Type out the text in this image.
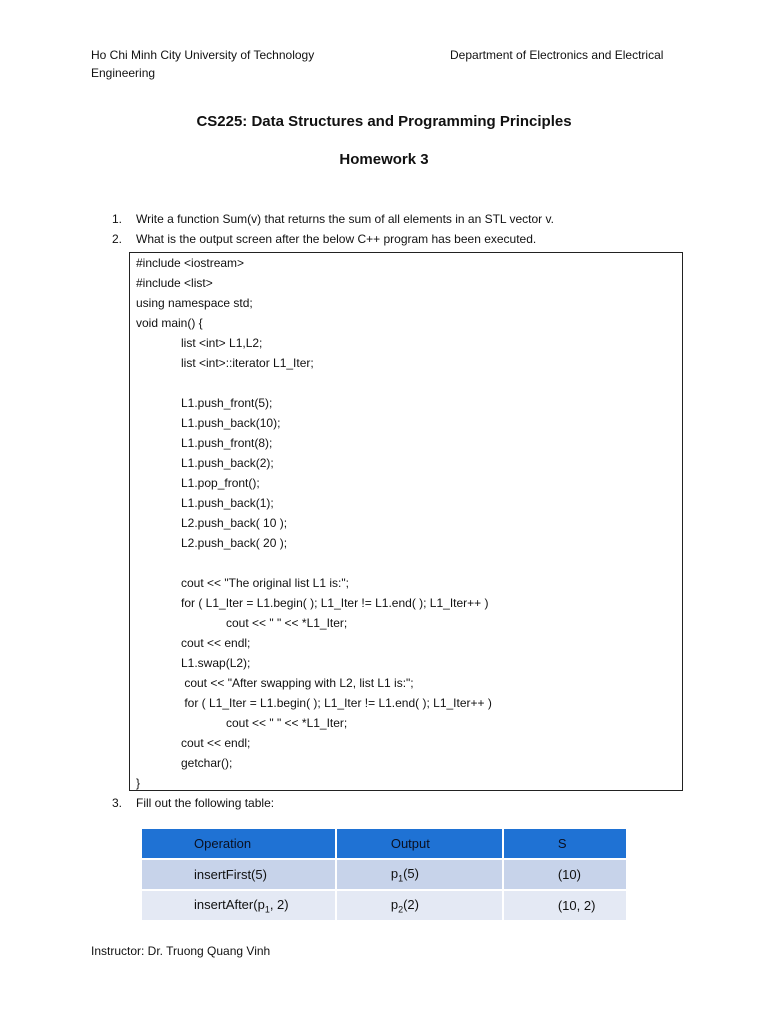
Ho Chi Minh City University of Technology	Department of Electronics and Electrical
Engineering
CS225: Data Structures and Programming Principles
Homework 3
1. Write a function Sum(v) that returns the sum of all elements in an STL vector v.
2. What is the output screen after the below C++ program has been executed.
#include <iostream>
#include <list>
using namespace std;
void main() {
list <int> L1,L2;
list <int>::iterator L1_Iter;
L1.push_front(5);
L1.push_back(10);
L1.push_front(8);
L1.push_back(2);
L1.pop_front();
L1.push_back(1);
L2.push_back( 10 );
L2.push_back( 20 );
cout << "The original list L1 is:";
for ( L1_Iter = L1.begin( ); L1_Iter != L1.end( ); L1_Iter++ )
cout << " " << *L1_Iter;
cout << endl;
L1.swap(L2);
cout << "After swapping with L2, list L1 is:";
for ( L1_Iter = L1.begin( ); L1_Iter != L1.end( ); L1_Iter++ )
cout << " " << *L1_Iter;
cout << endl;
getchar();
}
3. Fill out the following table:
Operation	Output	S
insertFirst(5)	$p_1(5)$	(10)
$insertAfter(p_1$, 2)	$p_2(2)$	(10, 2)
Instructor: Dr. Truong Quang Vinh
